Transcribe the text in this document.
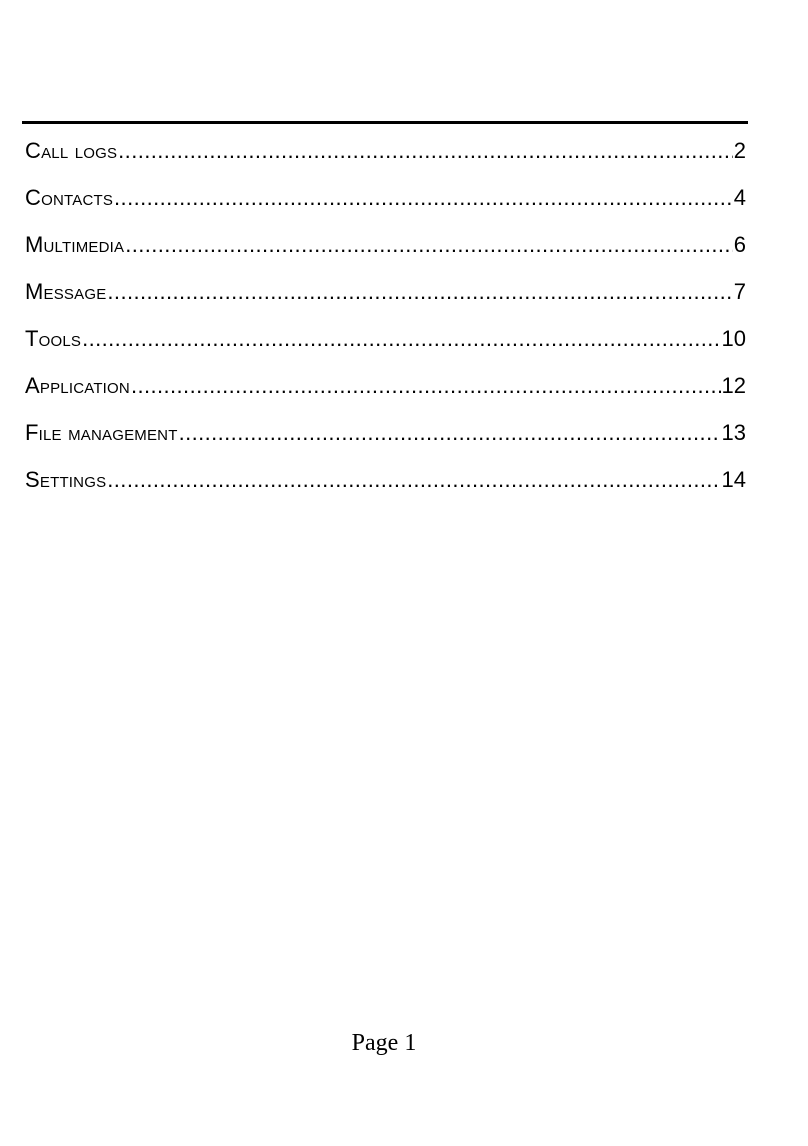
Call logs .....	2
Contacts .....	4
Multimedia .....	6
Message .....	7
Tools .....	10
Application .....	12
File management .....	13
Settings .....	14
Page 1
